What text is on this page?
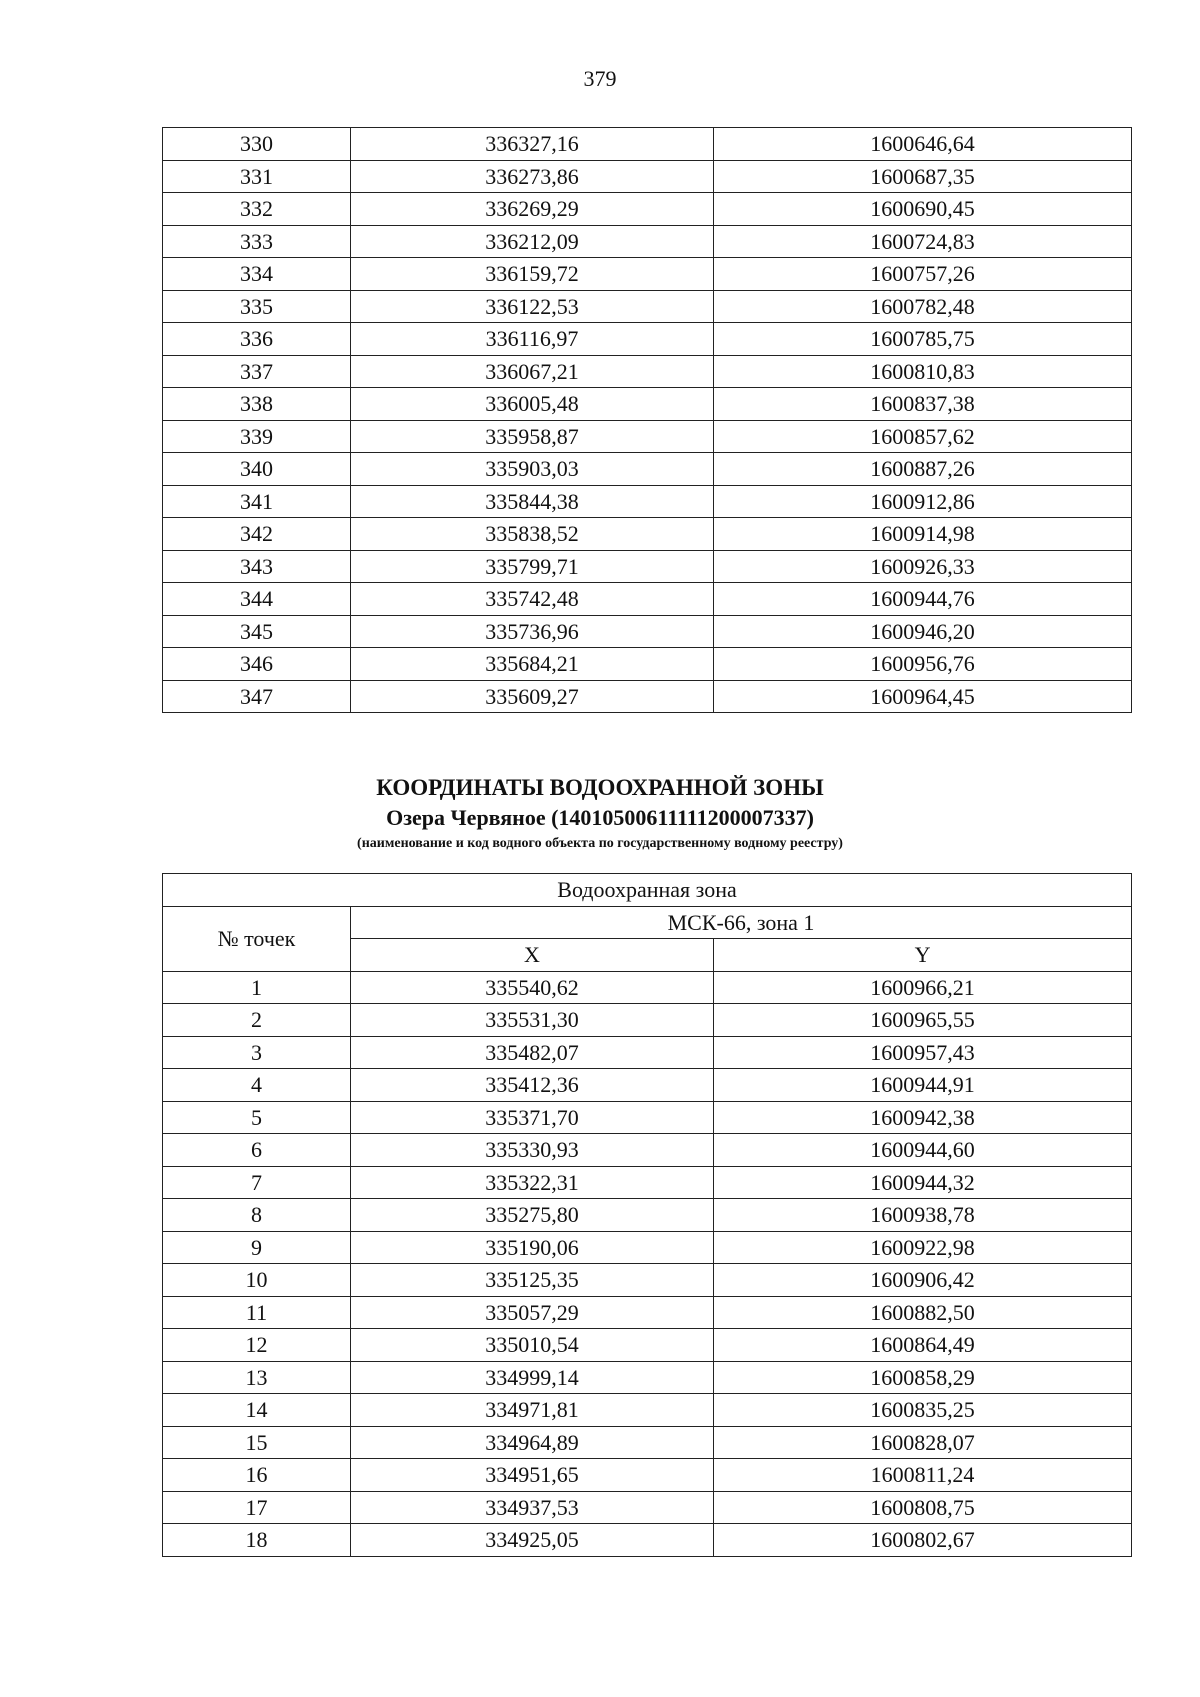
379
330	336327,16	1600646,64
331	336273,86	1600687,35
332	336269,29	1600690,45
333	336212,09	1600724,83
334	336159,72	1600757,26
335	336122,53	1600782,48
336	336116,97	1600785,75
337	336067,21	1600810,83
338	336005,48	1600837,38
339	335958,87	1600857,62
340	335903,03	1600887,26
341	335844,38	1600912,86
342	335838,52	1600914,98
343	335799,71	1600926,33
344	335742,48	1600944,76
345	335736,96	1600946,20
346	335684,21	1600956,76
347	335609,27	1600964,45
КООРДИНАТЫ ВОДООХРАННОЙ ЗОНЫ
Озера Червяное (14010500611111200007337)
(наименование и код водного объекта по государственному водному реестру)
Водоохранная зона		
№ точек	МСК-66, зона 1	
	X	Y
1	335540,62	1600966,21
2	335531,30	1600965,55
3	335482,07	1600957,43
4	335412,36	1600944,91
5	335371,70	1600942,38
6	335330,93	1600944,60
7	335322,31	1600944,32
8	335275,80	1600938,78
9	335190,06	1600922,98
10	335125,35	1600906,42
11	335057,29	1600882,50
12	335010,54	1600864,49
13	334999,14	1600858,29
14	334971,81	1600835,25
15	334964,89	1600828,07
16	334951,65	1600811,24
17	334937,53	1600808,75
18	334925,05	1600802,67
